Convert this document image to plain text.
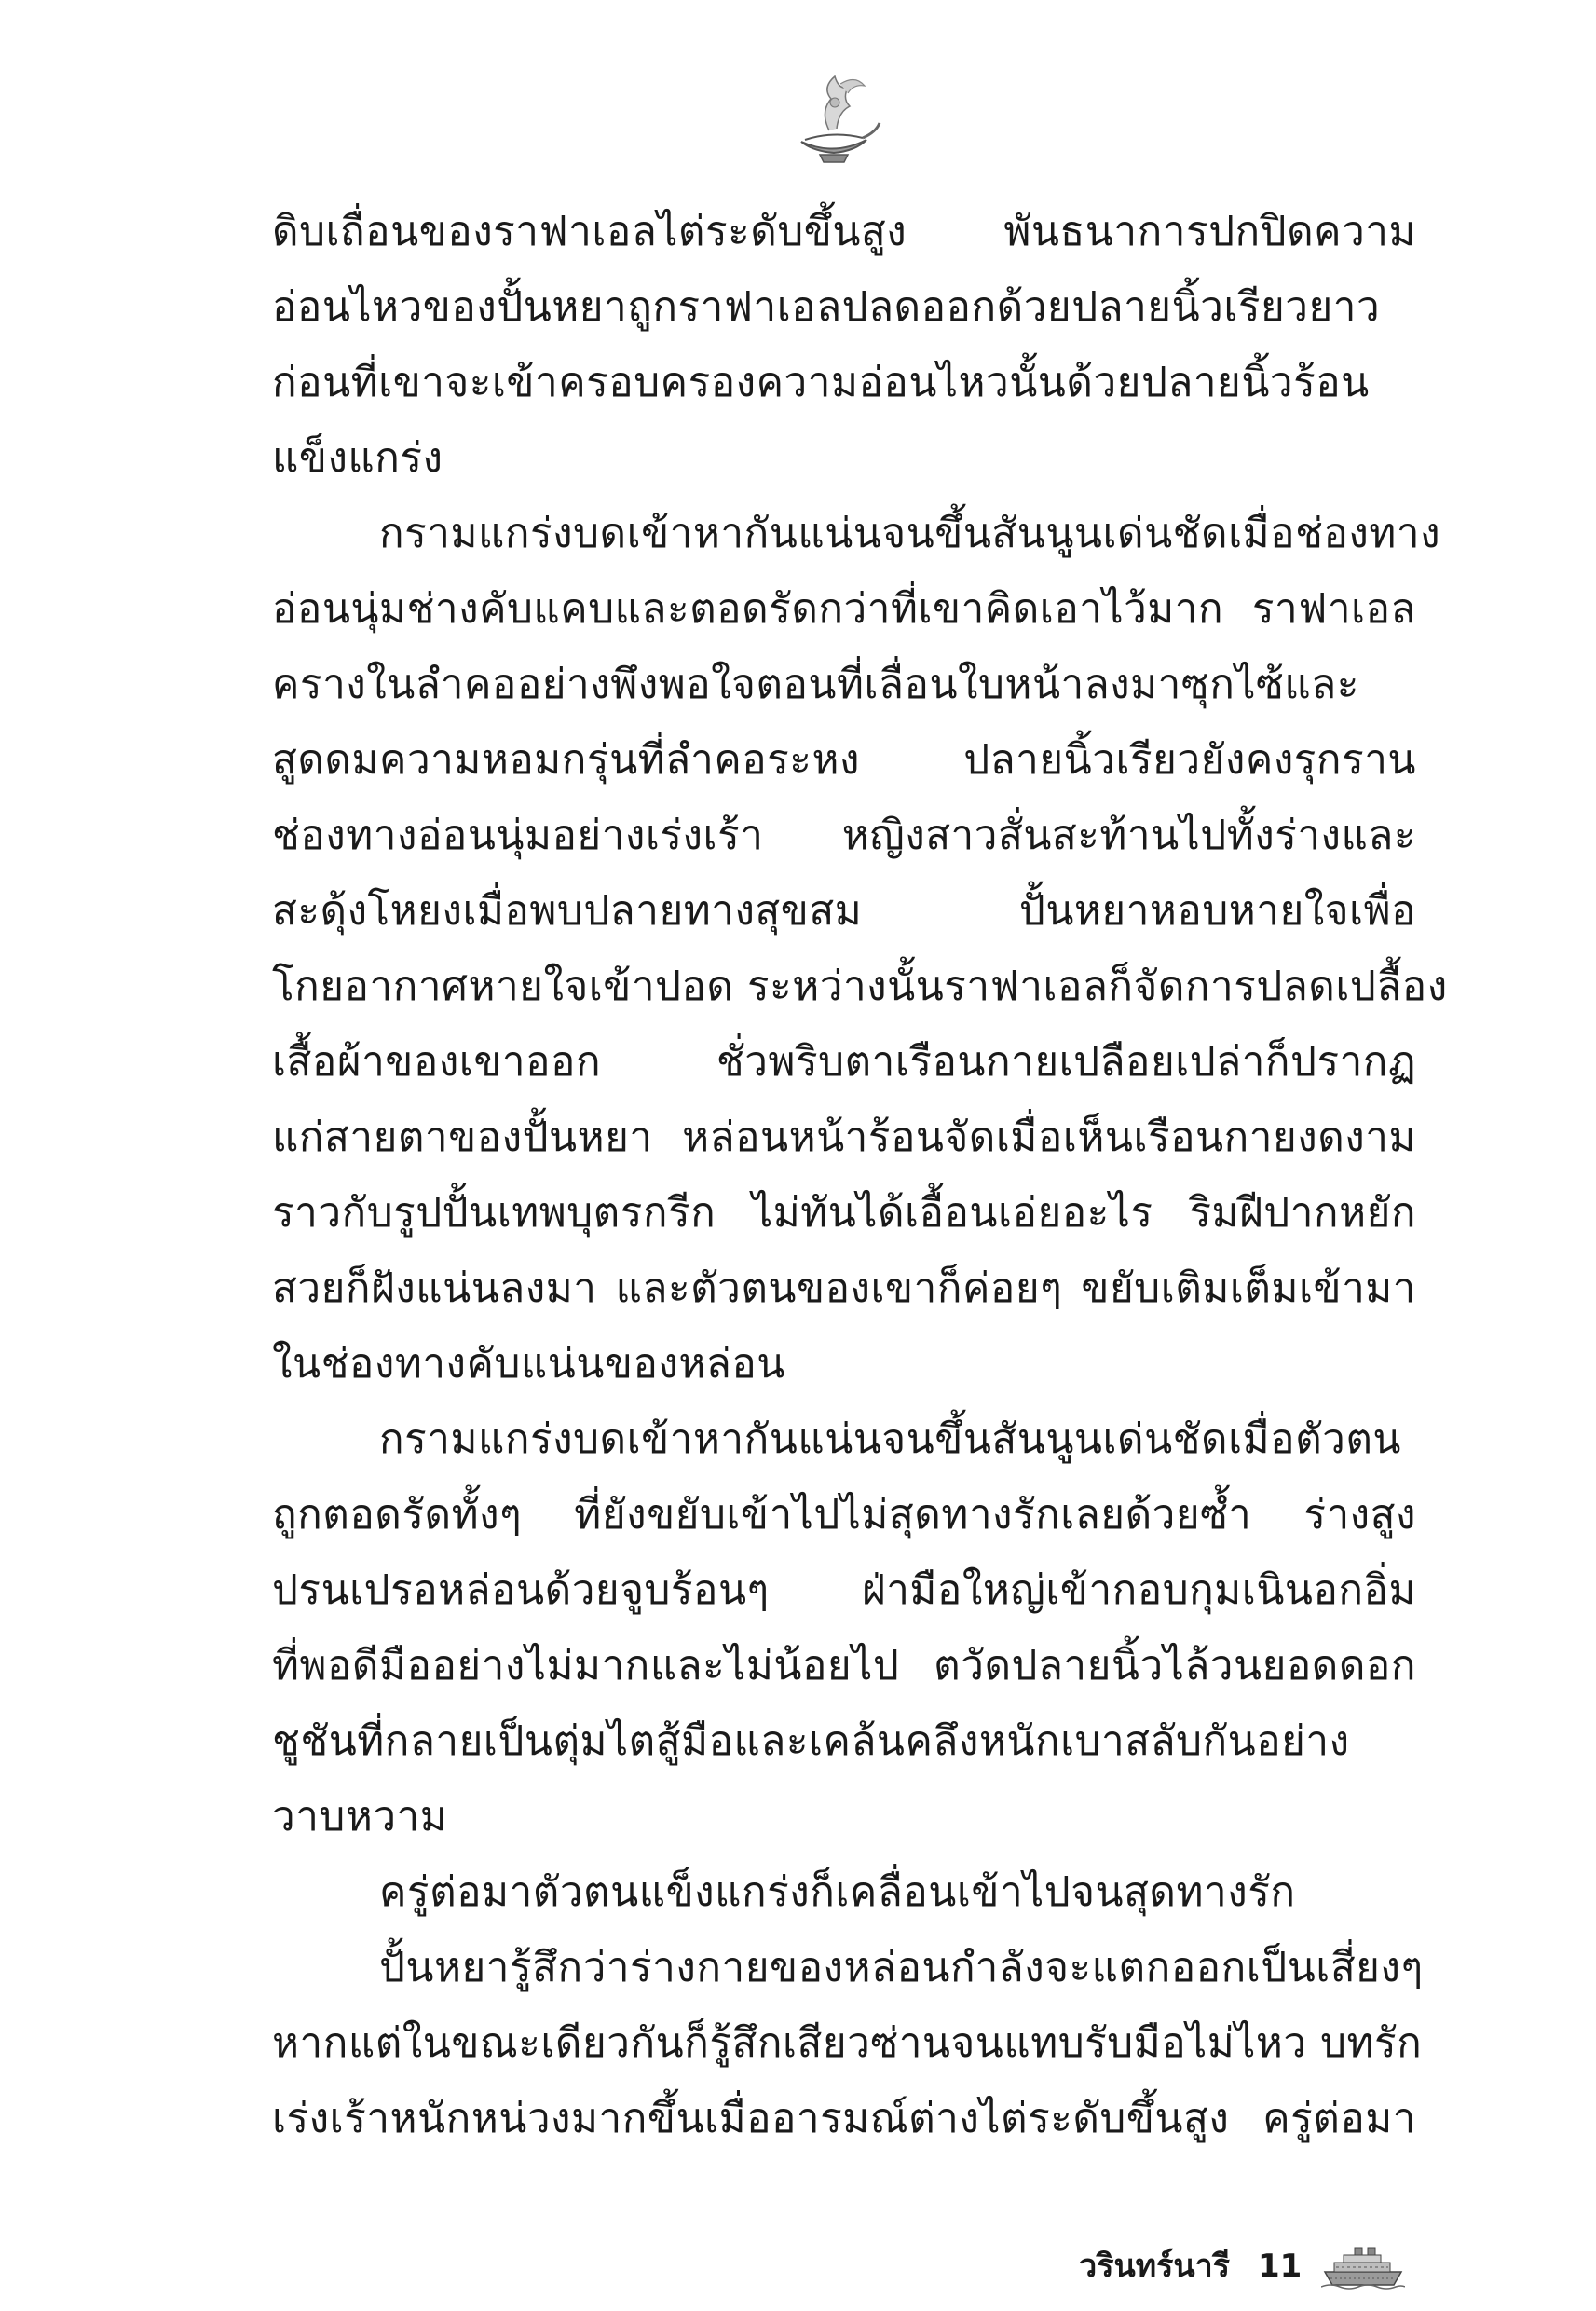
ดิบเถื่อนของราฟาเอลไต่ระดับขึ้นสูง พันธนาการปกปิดความ
อ่อนไหวของปั้นหยาถูกราฟาเอลปลดออกด้วยปลายนิ้วเรียวยาว
ก่อนที่เขาจะเข้าครอบครองความอ่อนไหวนั้นด้วยปลายนิ้วร้อน
แข็งแกร่ง
กรามแกร่งบดเข้าหากันแน่นจนขึ้นสันนูนเด่นชัดเมื่อช่องทาง
อ่อนนุ่มช่างคับแคบและตอดรัดกว่าที่เขาคิดเอาไว้มาก ราฟาเอล
ครางในลำคออย่างพึงพอใจตอนที่เลื่อนใบหน้าลงมาซุกไซ้และ
สูดดมความหอมกรุ่นที่ลำคอระหง ปลายนิ้วเรียวยังคงรุกราน
ช่องทางอ่อนนุ่มอย่างเร่งเร้า หญิงสาวสั่นสะท้านไปทั้งร่างและ
สะดุ้งโหยงเมื่อพบปลายทางสุขสม ปั้นหยาหอบหายใจเพื่อ
โกยอากาศหายใจเข้าปอด ระหว่างนั้นราฟาเอลก็จัดการปลดเปลื้อง
เสื้อผ้าของเขาออก ชั่วพริบตาเรือนกายเปลือยเปล่าก็ปรากฏ
แก่สายตาของปั้นหยา หล่อนหน้าร้อนจัดเมื่อเห็นเรือนกายงดงาม
ราวกับรูปปั้นเทพบุตรกรีก ไม่ทันได้เอื้อนเอ่ยอะไร ริมฝีปากหยัก
สวยก็ฝังแน่นลงมา และตัวตนของเขาก็ค่อยๆ ขยับเติมเต็มเข้ามา
ในช่องทางคับแน่นของหล่อน
กรามแกร่งบดเข้าหากันแน่นจนขึ้นสันนูนเด่นชัดเมื่อตัวตน
ถูกตอดรัดทั้งๆ ที่ยังขยับเข้าไปไม่สุดทางรักเลยด้วยซ้ำ ร่างสูง
ปรนเปรอหล่อนด้วยจูบร้อนๆ ฝ่ามือใหญ่เข้ากอบกุมเนินอกอิ่ม
ที่พอดีมืออย่างไม่มากและไม่น้อยไป ตวัดปลายนิ้วไล้วนยอดดอก
ชูชันที่กลายเป็นตุ่มไตสู้มือและเคล้นคลึงหนักเบาสลับกันอย่าง
วาบหวาม
ครู่ต่อมาตัวตนแข็งแกร่งก็เคลื่อนเข้าไปจนสุดทางรัก
ปั้นหยารู้สึกว่าร่างกายของหล่อนกำลังจะแตกออกเป็นเสี่ยงๆ
หากแต่ในขณะเดียวกันก็รู้สึกเสียวซ่านจนแทบรับมือไม่ไหว บทรัก
เร่งเร้าหนักหน่วงมากขึ้นเมื่ออารมณ์ต่างไต่ระดับขึ้นสูง ครู่ต่อมา
วรินทร์นารี 11
